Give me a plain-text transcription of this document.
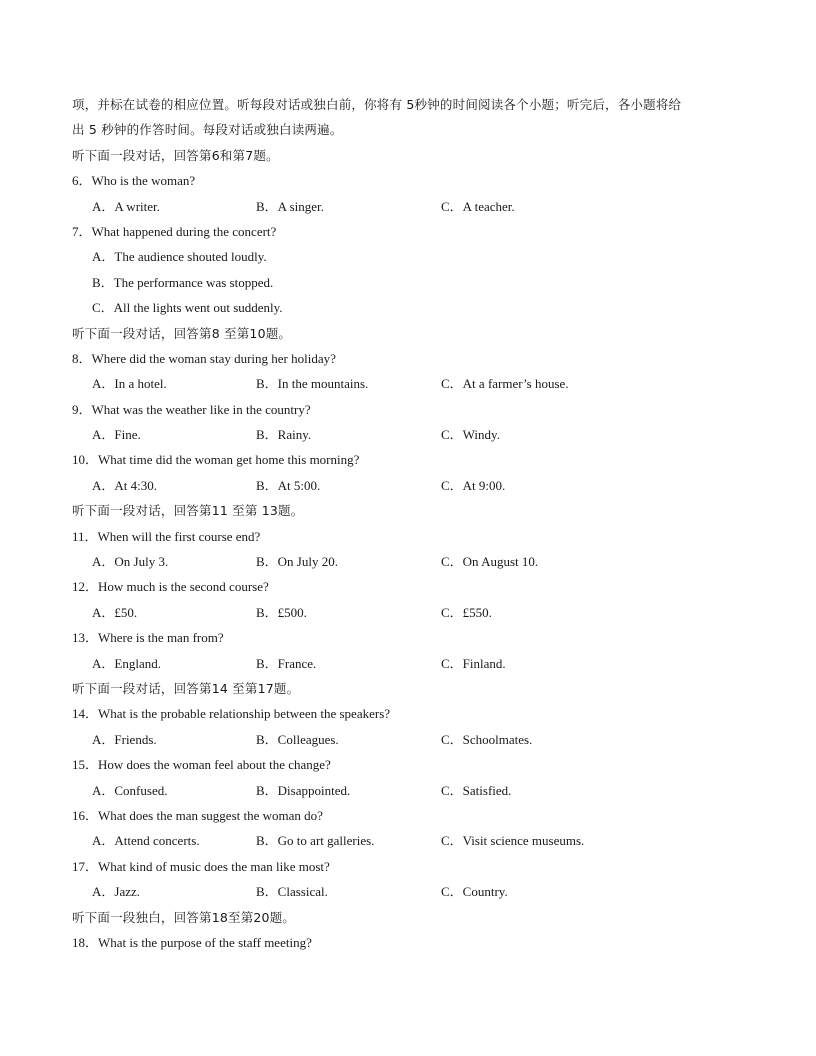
项，并标在试卷的相应位置。听每段对话或独白前，你将有 5秒钟的时间阅读各个小题；听完后，各小题将给
出 5 秒钟的作答时间。每段对话或独白读两遍。
听下面一段对话，回答第6和第7题。
6．Who is the woman?
A．A writer.	B．A singer.	C．A teacher.
7．What happened during the concert?
A．The audience shouted loudly.
B．The performance was stopped.
C．All the lights went out suddenly.
听下面一段对话，回答第8 至第10题。
8．Where did the woman stay during her holiday?
A．In a hotel.	B．In the mountains.	C．At a farmer’s house.
9．What was the weather like in the country?
A．Fine.	B．Rainy.	C．Windy.
10．What time did the woman get home this morning?
A．At 4:30.	B．At 5:00.	C．At 9:00.
听下面一段对话，回答第11 至第 13题。
11．When will the first course end?
A．On July 3.	B．On July 20.	C．On August 10.
12．How much is the second course?
A．£50.	B．£500.	C．£550.
13．Where is the man from?
A．England.	B．France.	C．Finland.
听下面一段对话，回答第14 至第17题。
14．What is the probable relationship between the speakers?
A．Friends.	B．Colleagues.	C．Schoolmates.
15．How does the woman feel about the change?
A．Confused.	B．Disappointed.	C．Satisfied.
16．What does the man suggest the woman do?
A．Attend concerts.	B．Go to art galleries.	C．Visit science museums.
17．What kind of music does the man like most?
A．Jazz.	B．Classical.	C．Country.
听下面一段独白，回答第18至第20题。
18．What is the purpose of the staff meeting?
